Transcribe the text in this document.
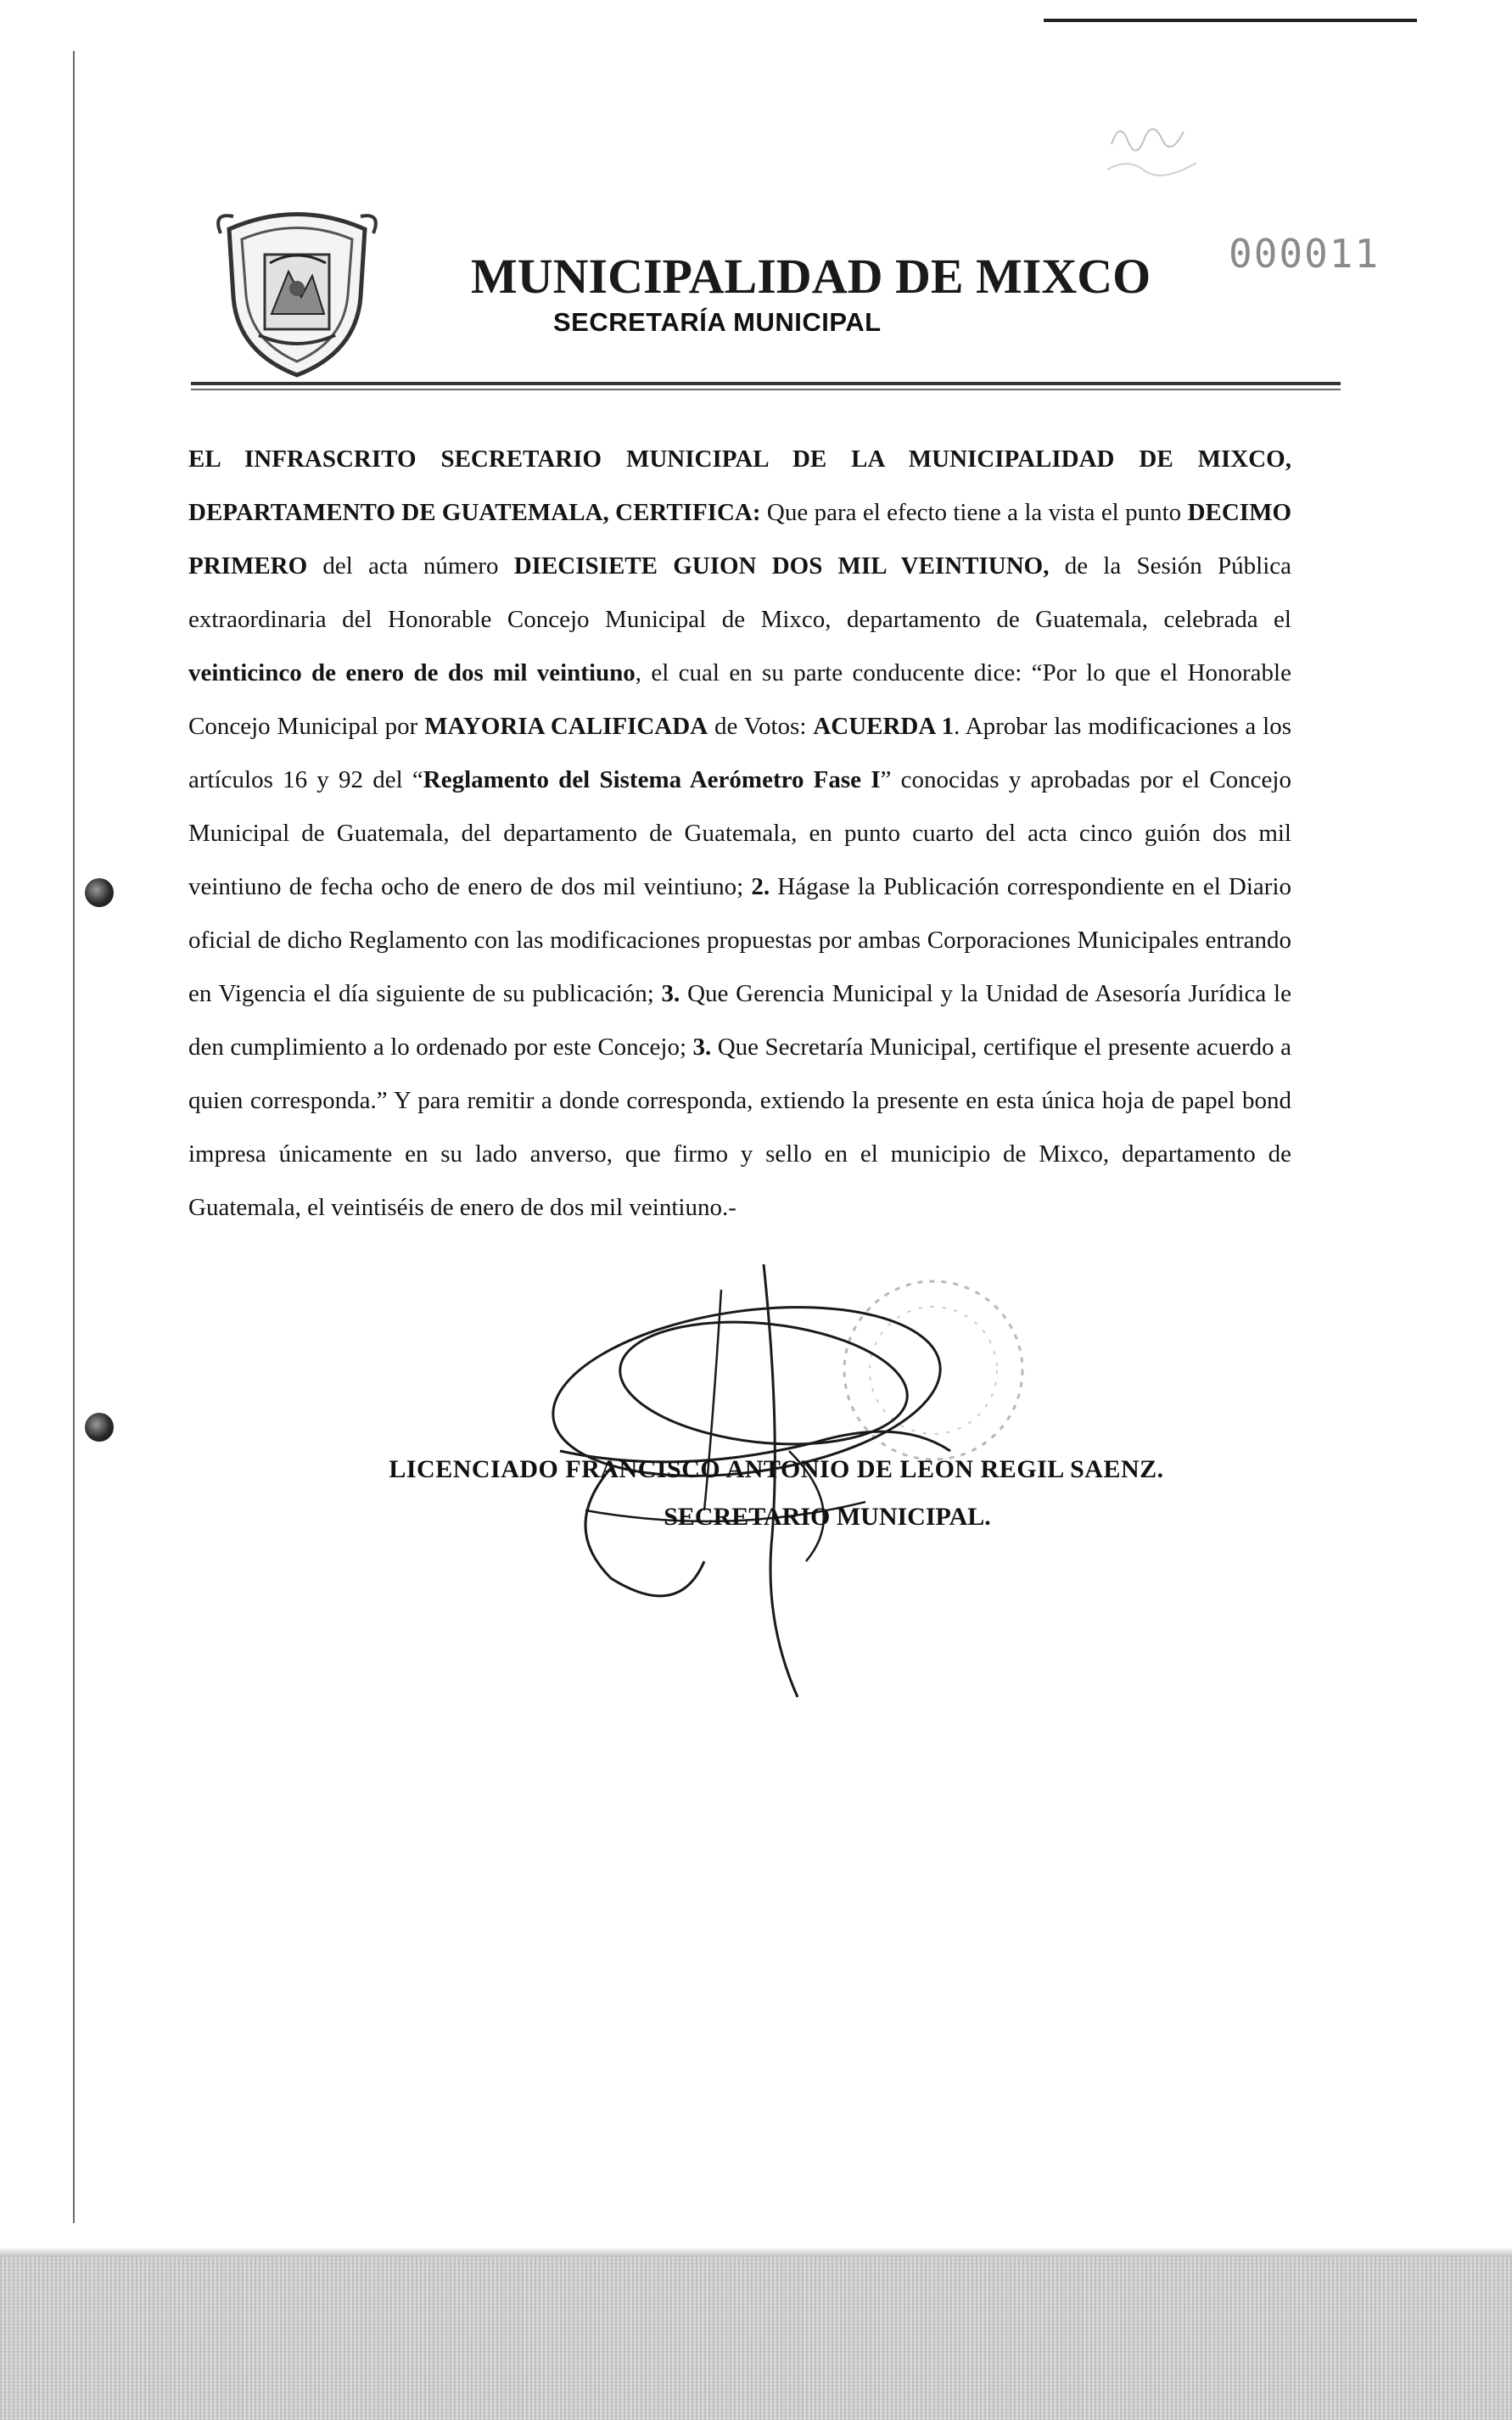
000011
MUNICIPALIDAD DE MIXCO
SECRETARÍA MUNICIPAL

EL INFRASCRITO SECRETARIO MUNICIPAL DE LA MUNICIPALIDAD DE MIXCO, DEPARTAMENTO DE GUATEMALA, CERTIFICA: Que para el efecto tiene a la vista el punto DECIMO PRIMERO del acta número DIECISIETE GUION DOS MIL VEINTIUNO, de la Sesión Pública extraordinaria del Honorable Concejo Municipal de Mixco, departamento de Guatemala, celebrada el veinticinco de enero de dos mil veintiuno, el cual en su parte conducente dice: “Por lo que el Honorable Concejo Municipal por MAYORIA CALIFICADA de Votos: ACUERDA 1. Aprobar las modificaciones a los artículos 16 y 92 del “Reglamento del Sistema Aerómetro Fase I” conocidas y aprobadas por el Concejo Municipal de Guatemala, del departamento de Guatemala, en punto cuarto del acta cinco guión dos mil veintiuno de fecha ocho de enero de dos mil veintiuno; 2. Hágase la Publicación correspondiente en el Diario oficial de dicho Reglamento con las modificaciones propuestas por ambas Corporaciones Municipales entrando en Vigencia el día siguiente de su publicación; 3. Que Gerencia Municipal y la Unidad de Asesoría Jurídica le den cumplimiento a lo ordenado por este Concejo; 3. Que Secretaría Municipal, certifique el presente acuerdo a quien corresponda.” Y para remitir a donde corresponda, extiendo la presente en esta única hoja de papel bond impresa únicamente en su lado anverso, que firmo y sello en el municipio de Mixco, departamento de Guatemala, el veintiséis de enero de dos mil veintiuno.-

LICENCIADO FRANCISCO ANTONIO DE LEON REGIL SAENZ.
SECRETARIO MUNICIPAL.
